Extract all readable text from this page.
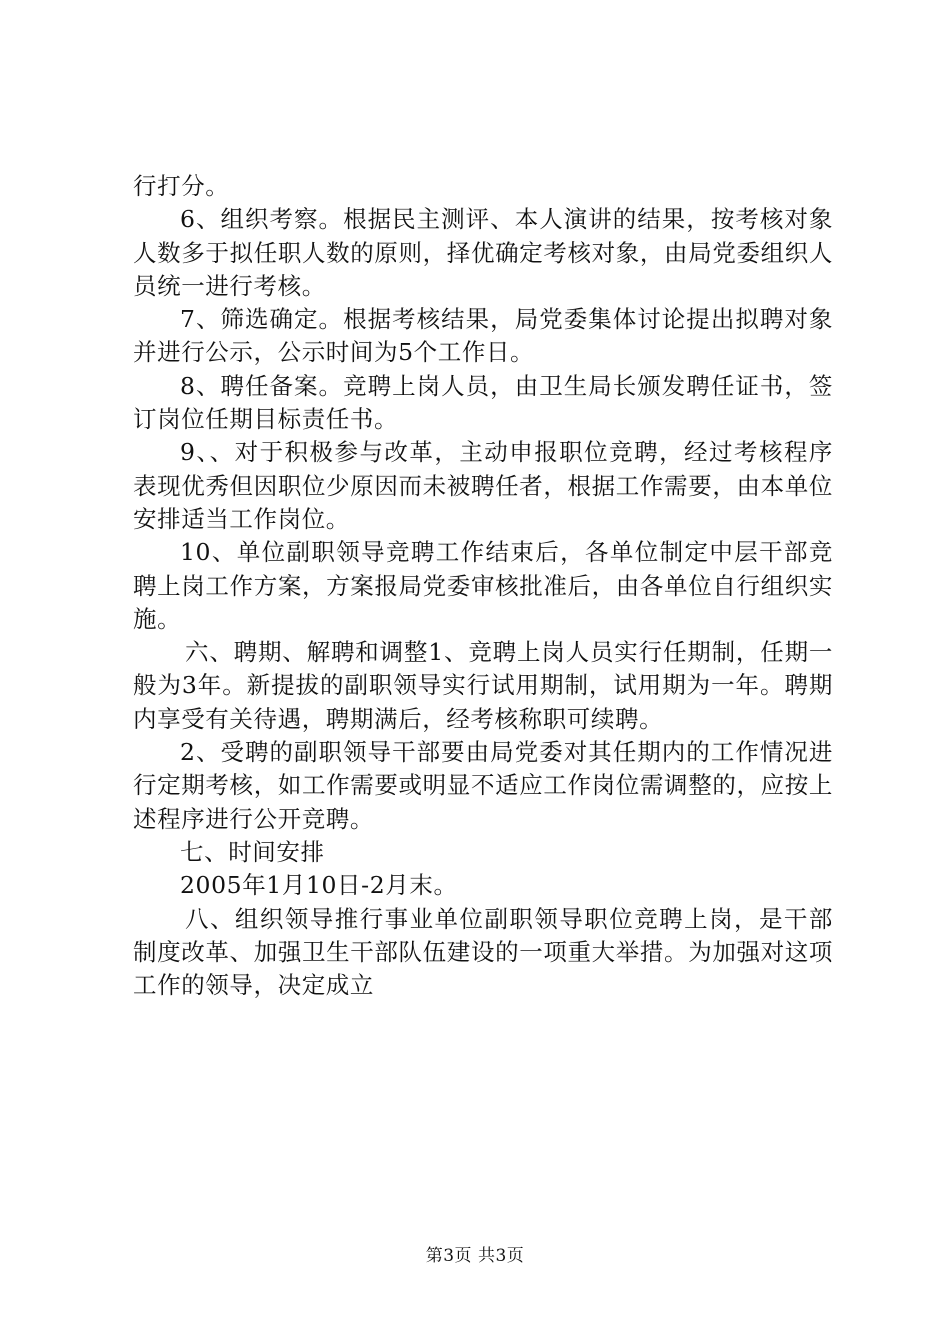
行打分。

6、组织考察。根据民主测评、本人演讲的结果，按考核对象人数多于拟任职人数的原则，择优确定考核对象，由局党委组织人员统一进行考核。

7、筛选确定。根据考核结果，局党委集体讨论提出拟聘对象并进行公示，公示时间为5个工作日。

8、聘任备案。竞聘上岗人员，由卫生局长颁发聘任证书，签订岗位任期目标责任书。

9、、对于积极参与改革，主动申报职位竞聘，经过考核程序表现优秀但因职位少原因而未被聘任者，根据工作需要，由本单位安排适当工作岗位。

10、单位副职领导竞聘工作结束后，各单位制定中层干部竞聘上岗工作方案，方案报局党委审核批准后，由各单位自行组织实施。

六、聘期、解聘和调整1、竞聘上岗人员实行任期制，任期一般为3年。新提拔的副职领导实行试用期制，试用期为一年。聘期内享受有关待遇，聘期满后，经考核称职可续聘。

2、受聘的副职领导干部要由局党委对其任期内的工作情况进行定期考核，如工作需要或明显不适应工作岗位需调整的，应按上述程序进行公开竞聘。

七、时间安排

2005年1月10日-2月末。

八、组织领导推行事业单位副职领导职位竞聘上岗，是干部制度改革、加强卫生干部队伍建设的一项重大举措。为加强对这项工作的领导，决定成立

第3页 共3页
